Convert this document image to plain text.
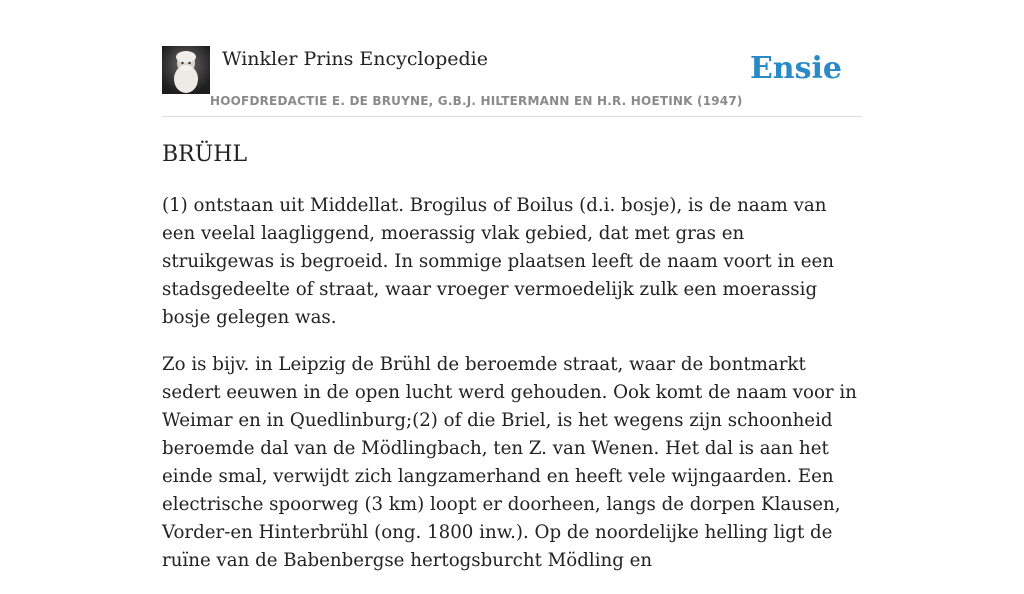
Winkler Prins Encyclopedie
HOOFDREDACTIE E. DE BRUYNE, G.B.J. HILTERMANN EN H.R. HOETINK (1947)
Ensie
BRÜHL

(1) ontstaan uit Middellat. Brogilus of Boilus (d.i. bosje), is de naam van een veelal laagliggend, moerassig vlak gebied, dat met gras en struikgewas is begroeid. In sommige plaatsen leeft de naam voort in een stadsgedeelte of straat, waar vroeger vermoedelijk zulk een moerassig bosje gelegen was.

Zo is bijv. in Leipzig de Brühl de beroemde straat, waar de bontmarkt sedert eeuwen in de open lucht werd gehouden. Ook komt de naam voor in Weimar en in Quedlinburg;(2) of die Briel, is het wegens zijn schoonheid beroemde dal van de Mödlingbach, ten Z. van Wenen. Het dal is aan het einde smal, verwijdt zich langzamerhand en heeft vele wijngaarden. Een electrische spoorweg (3 km) loopt er doorheen, langs de dorpen Klausen, Vorder-en Hinterbrühl (ong. 1800 inw.). Op de noordelijke helling ligt de ruïne van de Babenbergse hertogsburcht Mödling en
